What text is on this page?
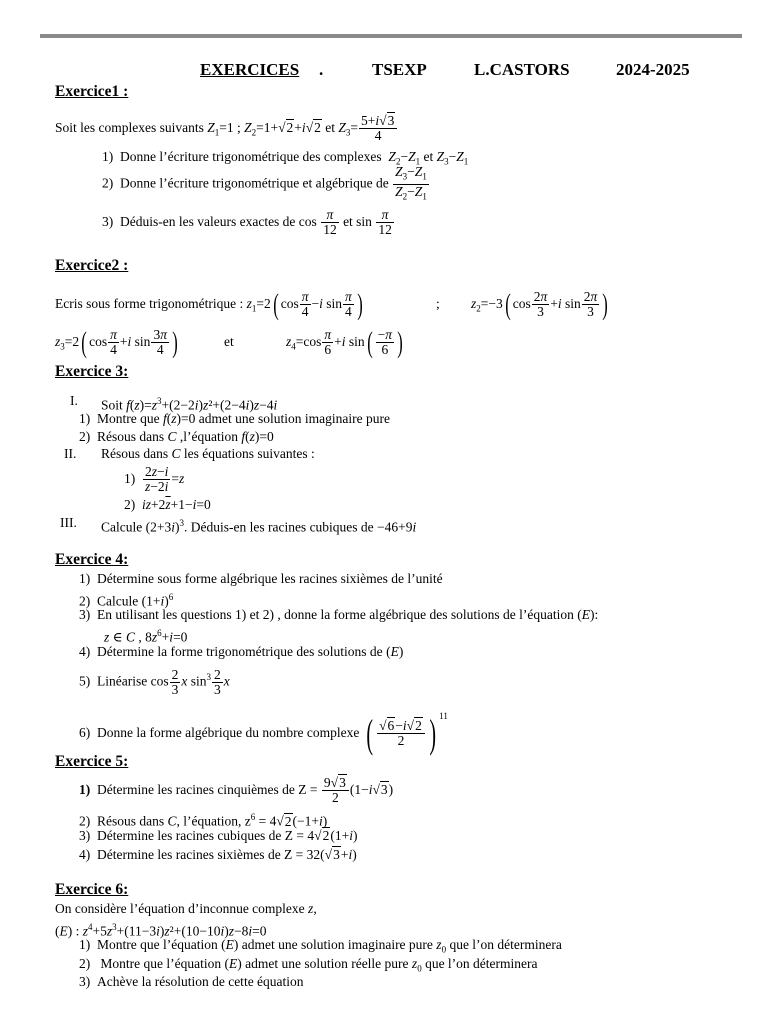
EXERCICES .	TSEXP	L.CASTORS	2024-2025
Exercice1 :
Soit les complexes suivants $Z_1=1$ ; $Z_2=1+√2+i√2$ et $Z_3= \frac{5+i√3}{4}$
1) Donne l’écriture trigonométrique des complexes $Z_2-Z_1$ et $Z_3-Z_1$
2) Donne l’écriture trigonométrique et algébrique de $\frac{Z_3-Z_1}{Z_2-Z_1}$
3) Déduis-en les valeurs exactes de $\cos \frac{\pi}{12}$ et $\sin \frac{\pi}{12}$
Exercice2 :
Ecris sous forme trigonométrique : $z_1=2$( $\cos \frac{\pi}{4} -i$ $\sin \frac{\pi}{4}$ )	; $z_2=-3$( $\cos \frac{2\pi}{3} +i$ $\sin \frac{2\pi}{3}$ )
$z_3=2$( $\cos \frac{\pi}{4} +i$ $\sin \frac{3\pi}{4}$ )	et	$z_4=\cos \frac{\pi}{6} +i$ $\sin( \frac{-\pi}{6}$ )
Exercice 3:
I. Soit $f(z)=z^3+(2-2i)z^2+(2-4i)z-4i$
1) Montre que f(z)=0 admet une solution imaginaire pure
2) Résous dans C ,l’équation f(z)=0
II. Résous dans C les équations suivantes :
$1) \frac{2z-i}{z-2i} =z$
2) $iz+2\overline{z}+1-i=0$
III. Calcule $(2+3i)^3$. Déduis-en les racines cubiques de −46+9i
Exercice 4:
1) Détermine sous forme algébrique les racines sixièmes de l’unité
2) Calcule $(1+i)^6$
3) En utilisant les questions 1) et 2) , donne la forme algébrique des solutions de l’équation (E):
z ∈ C , $8z^6+i=0$
4) Détermine la forme trigonométrique des solutions de (E)
5) Linéarise $\cos \frac{2}{3}$ x $\sin^3 \frac{2}{3}$ x
6) Donne la forme algébrique du nombre complexe ( $\frac{√6-i√2}{2}$ ) $^{11}$
Exercice 5:
1) Détermine les racines cinquièmes de $Z = \frac{9√3}{2} (1-i√3)$
2) Résous dans C, l’équation, $z^6 = 4√2(-1+i)$
3) Détermine les racines cubiques de Z = 4√2(1+i)
4) Détermine les racines sixièmes de Z = 32(√3+i)
Exercice 6:
On considère l’équation d’inconnue complexe z,
(E) : $z^4+5z^3+(11-3i)z^2+(10-10i)z-8i=0$
1) Montre que l’équation (E) admet une solution imaginaire pure $z_0$ que l’on déterminera
2)   Montre que l’équation (E) admet une solution réelle pure $z_0$ que l’on déterminera
3) Achève la résolution de cette équation
